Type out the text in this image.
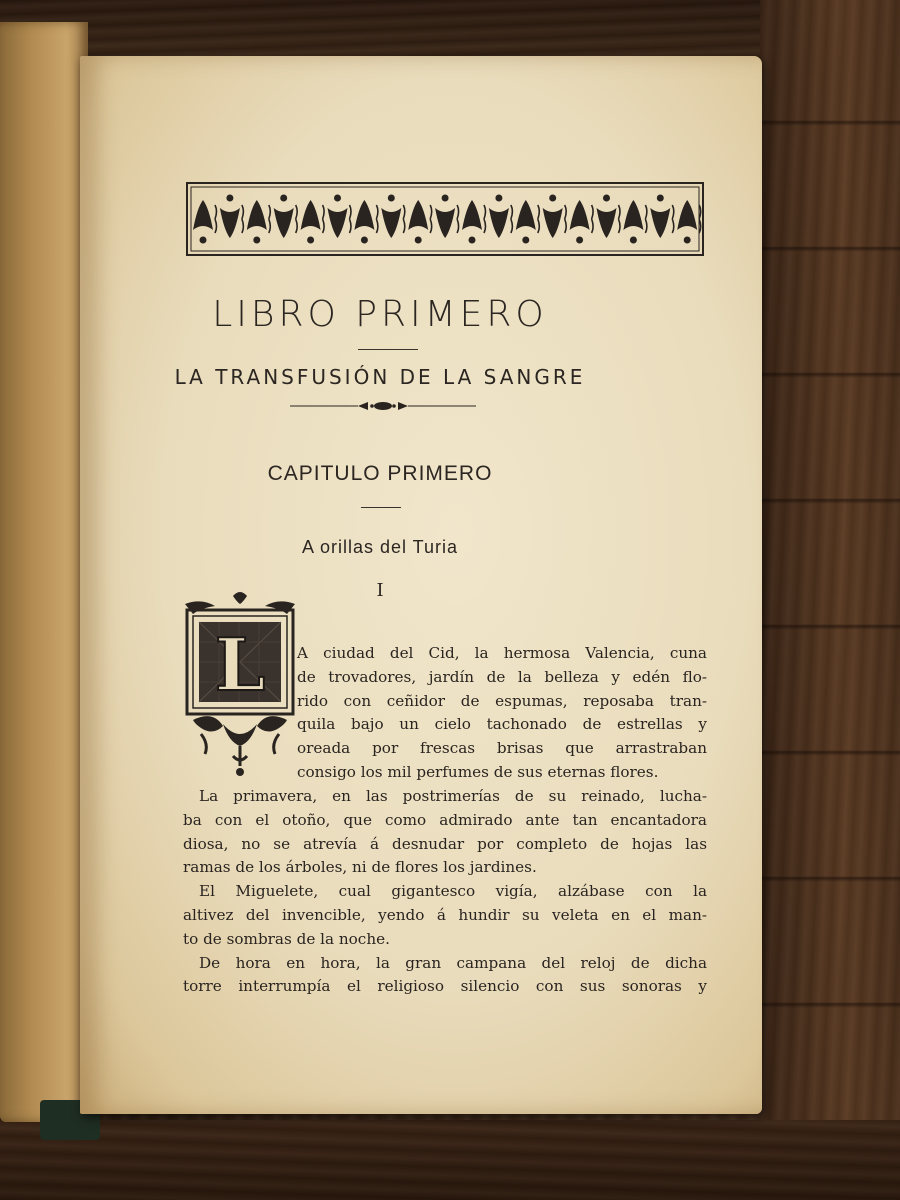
LIBRO PRIMERO
LA TRANSFUSIÓN DE LA SANGRE
CAPITULO PRIMERO
A orillas del Turia
I
L A ciudad del Cid, la hermosa Valencia, cuna
de trovadores, jardín de la belleza y edén flo-
rido con ceñidor de espumas, reposaba tran-
quila bajo un cielo tachonado de estrellas y
oreada por frescas brisas que arrastraban
consigo los mil perfumes de sus eternas flores.
La primavera, en las postrimerías de su reinado, lucha-
ba con el otoño, que como admirado ante tan encantadora
diosa, no se atrevía á desnudar por completo de hojas las
ramas de los árboles, ni de flores los jardines.
El Miguelete, cual gigantesco vigía, alzábase con la
altivez del invencible, yendo á hundir su veleta en el man-
to de sombras de la noche.
De hora en hora, la gran campana del reloj de dicha
torre interrumpía el religioso silencio con sus sonoras y
